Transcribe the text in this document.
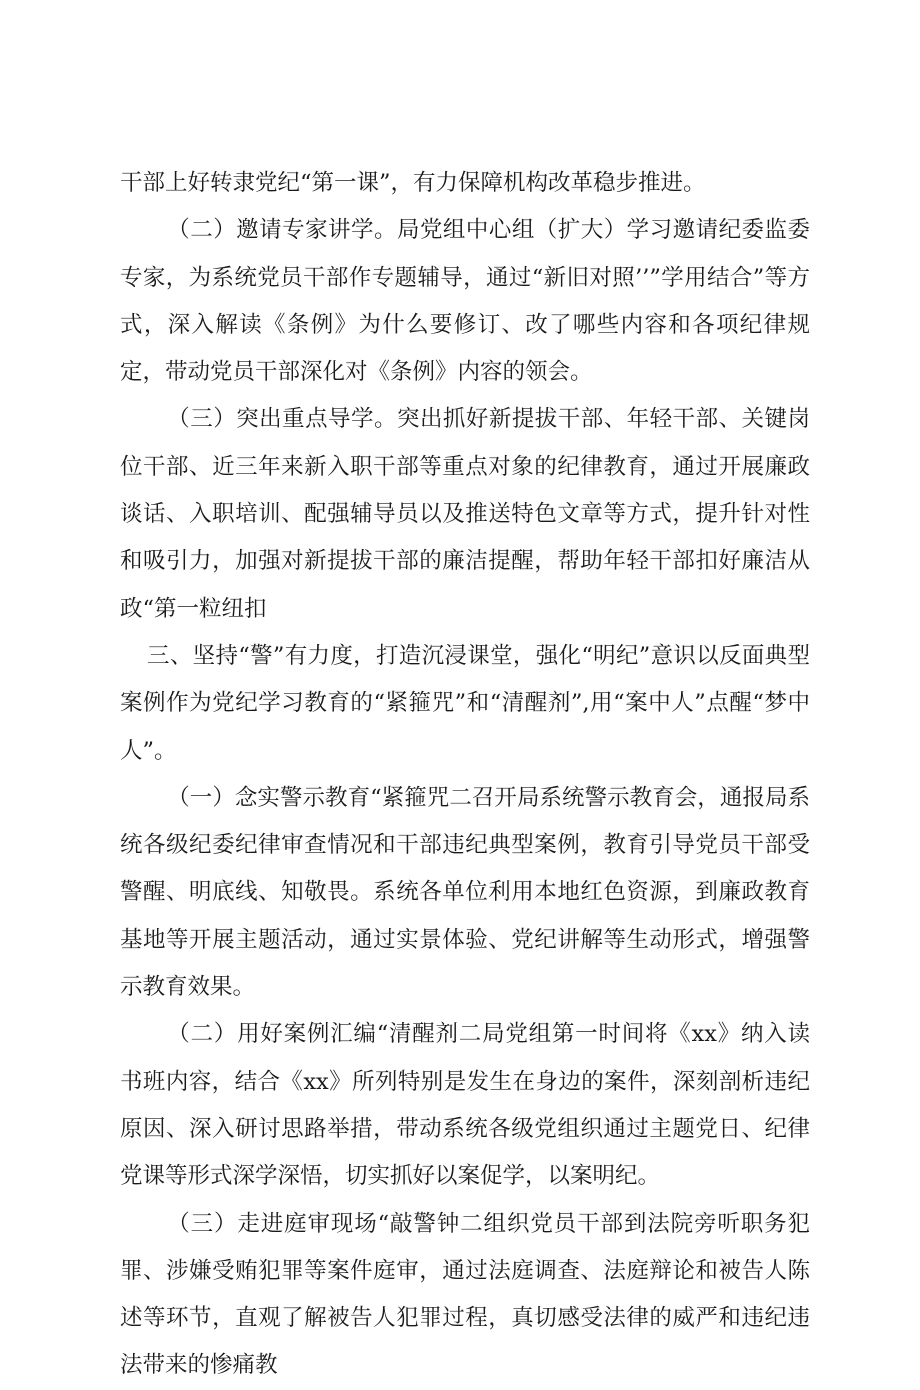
干部上好转隶党纪“第一课”，有力保障机构改革稳步推进。

（二）邀请专家讲学。局党组中心组（扩大）学习邀请纪委监委专家，为系统党员干部作专题辅导，通过“新旧对照’’”学用结合”等方式，深入解读《条例》为什么要修订、改了哪些内容和各项纪律规定，带动党员干部深化对《条例》内容的领会。

（三）突出重点导学。突出抓好新提拔干部、年轻干部、关键岗位干部、近三年来新入职干部等重点对象的纪律教育，通过开展廉政谈话、入职培训、配强辅导员以及推送特色文章等方式，提升针对性和吸引力，加强对新提拔干部的廉洁提醒，帮助年轻干部扣好廉洁从政“第一粒纽扣

三、坚持“警”有力度，打造沉浸课堂，强化“明纪”意识以反面典型案例作为党纪学习教育的“紧箍咒”和“清醒剂”,用“案中人”点醒“梦中人”。

（一）念实警示教育“紧箍咒二召开局系统警示教育会，通报局系统各级纪委纪律审查情况和干部违纪典型案例，教育引导党员干部受警醒、明底线、知敬畏。系统各单位利用本地红色资源，到廉政教育基地等开展主题活动，通过实景体验、党纪讲解等生动形式，增强警示教育效果。

（二）用好案例汇编“清醒剂二局党组第一时间将《xx》纳入读书班内容，结合《xx》所列特别是发生在身边的案件，深刻剖析违纪原因、深入研讨思路举措，带动系统各级党组织通过主题党日、纪律党课等形式深学深悟，切实抓好以案促学，以案明纪。

（三）走进庭审现场“敲警钟二组织党员干部到法院旁听职务犯罪、涉嫌受贿犯罪等案件庭审，通过法庭调查、法庭辩论和被告人陈述等环节，直观了解被告人犯罪过程，真切感受法律的威严和违纪违法带来的惨痛教
